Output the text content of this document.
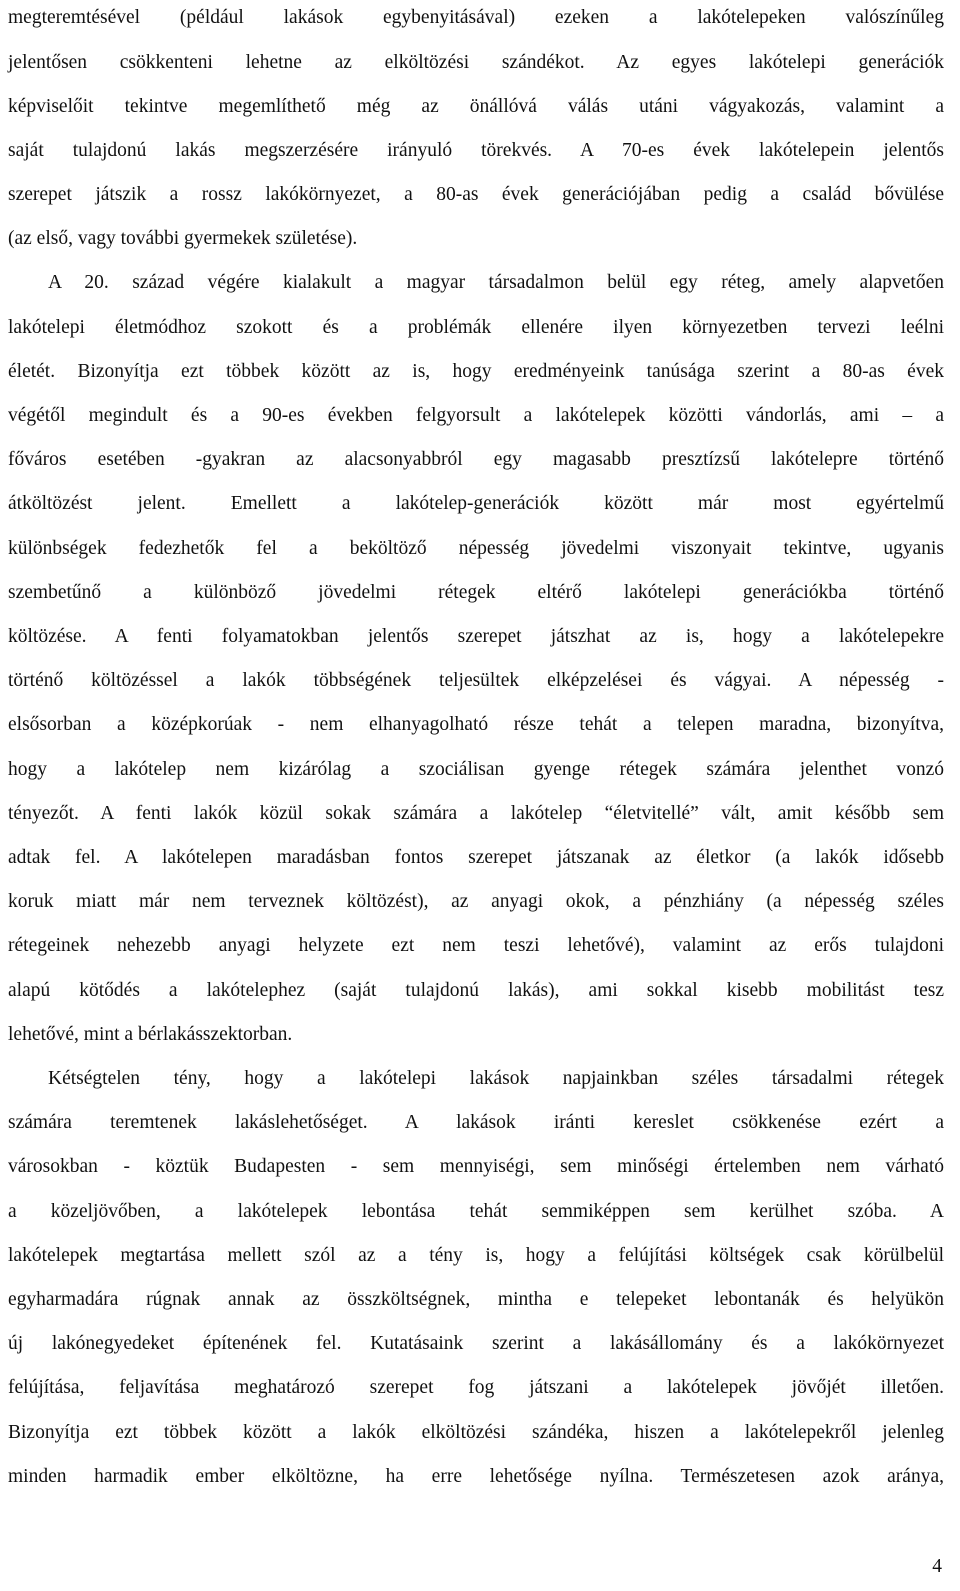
megteremtésével (például lakások egybenyitásával) ezeken a lakótelepeken valószínűleg
jelentősen csökkenteni lehetne az elköltözési szándékot. Az egyes lakótelepi generációk
képviselőit tekintve megemlíthető még az önállóvá válás utáni vágyakozás, valamint a
saját tulajdonú lakás megszerzésére irányuló törekvés. A 70-es évek lakótelepein jelentős
szerepet játszik a rossz lakókörnyezet, a 80-as évek generációjában pedig a család bővülése
(az első, vagy további gyermekek születése).
A 20. század végére kialakult a magyar társadalmon belül egy réteg, amely alapvetően
lakótelepi életmódhoz szokott és a problémák ellenére ilyen környezetben tervezi leélni
életét. Bizonyítja ezt többek között az is, hogy eredményeink tanúsága szerint a 80-as évek
végétől megindult és a 90-es években felgyorsult a lakótelepek közötti vándorlás, ami – a
főváros esetében -gyakran az alacsonyabbról egy magasabb presztízsű lakótelepre történő
átköltözést jelent. Emellett a lakótelep-generációk között már most egyértelmű
különbségek fedezhetők fel a beköltöző népesség jövedelmi viszonyait tekintve, ugyanis
szembetűnő a különböző jövedelmi rétegek eltérő lakótelepi generációkba történő
költözése. A fenti folyamatokban jelentős szerepet játszhat az is, hogy a lakótelepekre
történő költözéssel a lakók többségének teljesültek elképzelései és vágyai. A népesség -
elsősorban a középkorúak - nem elhanyagolható része tehát a telepen maradna, bizonyítva,
hogy a lakótelep nem kizárólag a szociálisan gyenge rétegek számára jelenthet vonzó
tényezőt. A fenti lakók közül sokak számára a lakótelep “életvitellé” vált, amit később sem
adtak fel. A lakótelepen maradásban fontos szerepet játszanak az életkor (a lakók idősebb
koruk miatt már nem terveznek költözést), az anyagi okok, a pénzhiány (a népesség széles
rétegeinek nehezebb anyagi helyzete ezt nem teszi lehetővé), valamint az erős tulajdoni
alapú kötődés a lakótelephez (saját tulajdonú lakás), ami sokkal kisebb mobilitást tesz
lehetővé, mint a bérlakásszektorban.
Kétségtelen tény, hogy a lakótelepi lakások napjainkban széles társadalmi rétegek
számára teremtenek lakáslehetőséget. A lakások iránti kereslet csökkenése ezért a
városokban - köztük Budapesten - sem mennyiségi, sem minőségi értelemben nem várható
a közeljövőben, a lakótelepek lebontása tehát semmiképpen sem kerülhet szóba. A
lakótelepek megtartása mellett szól az a tény is, hogy a felújítási költségek csak körülbelül
egyharmadára rúgnak annak az összköltségnek, mintha e telepeket lebontanák és helyükön
új lakónegyedeket építenének fel. Kutatásaink szerint a lakásállomány és a lakókörnyezet
felújítása, feljavítása meghatározó szerepet fog játszani a lakótelepek jövőjét illetően.
Bizonyítja ezt többek között a lakók elköltözési szándéka, hiszen a lakótelepekről jelenleg
minden harmadik ember elköltözne, ha erre lehetősége nyílna. Természetesen azok aránya,
4
